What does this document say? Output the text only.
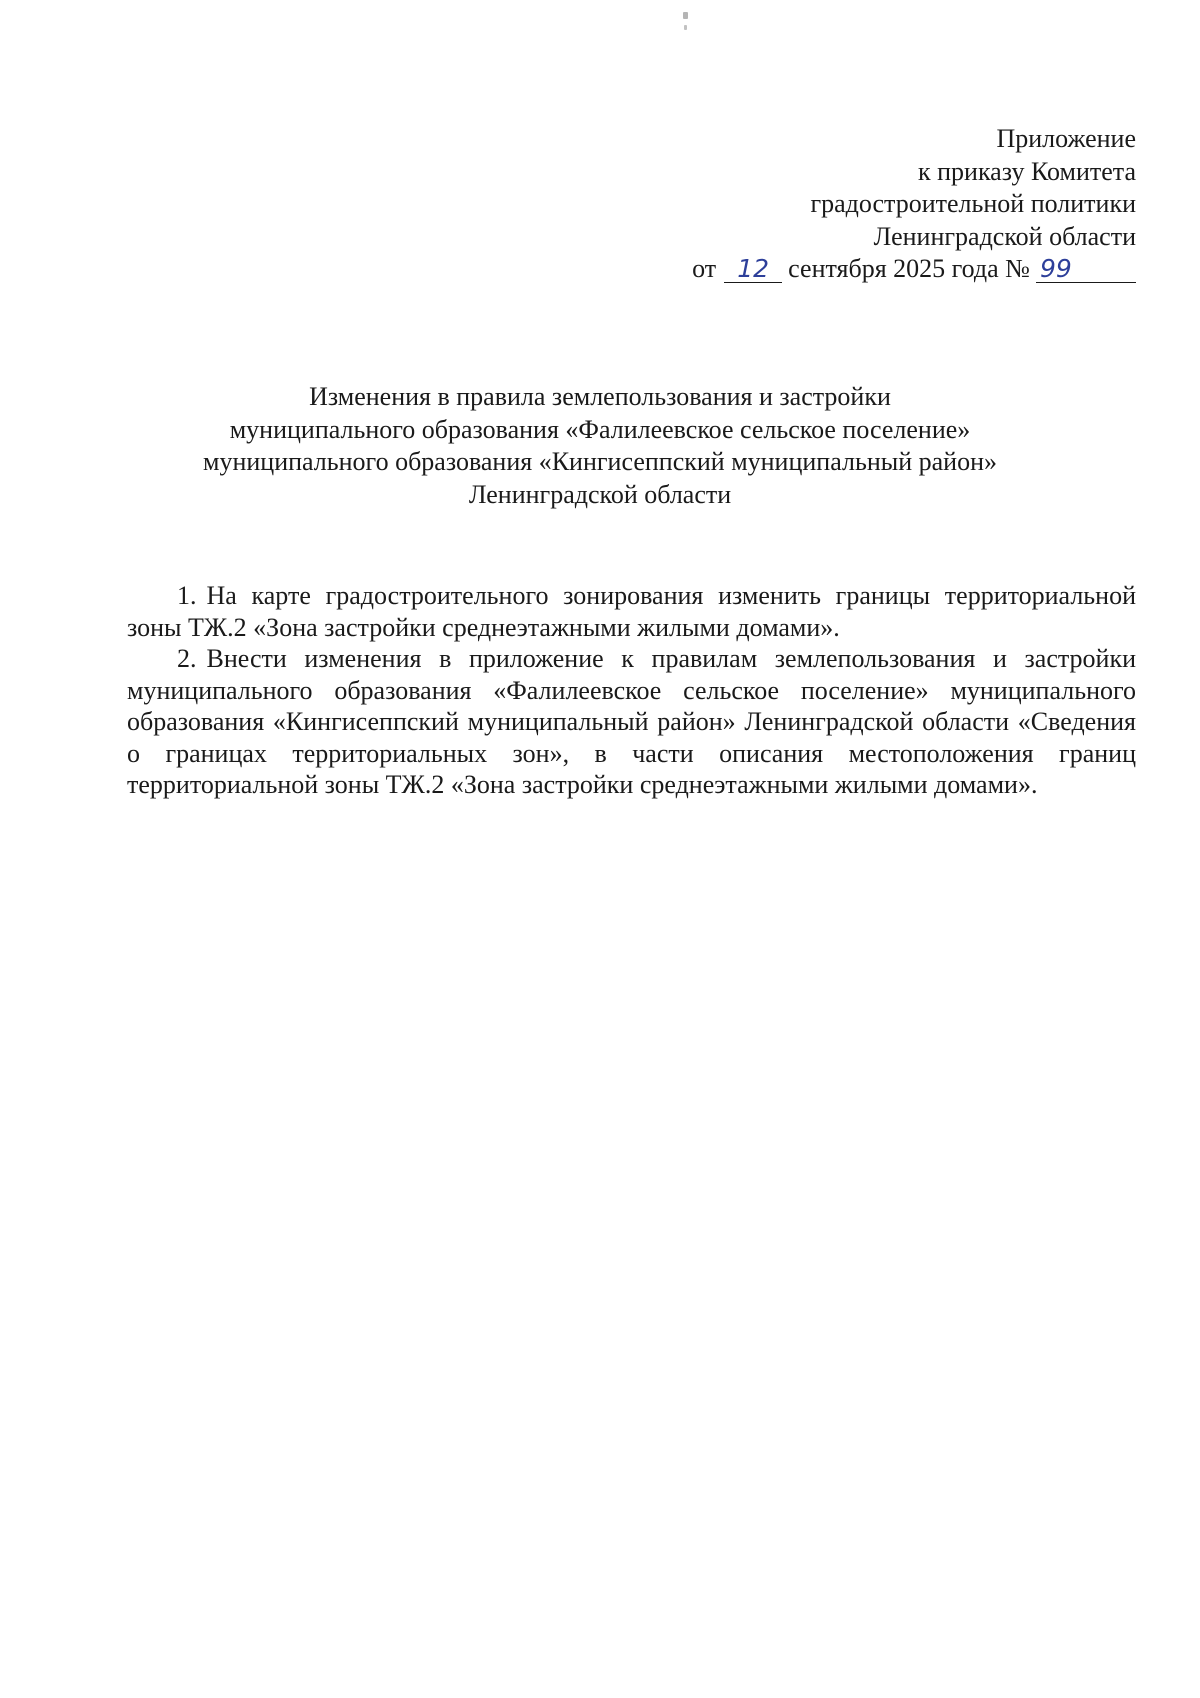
Приложение
к приказу Комитета
градостроительной политики
Ленинградской области
от 12 сентября 2025 года № 99
Изменения в правила землепользования и застройки
муниципального образования «Фалилеевское сельское поселение»
муниципального образования «Кингисеппский муниципальный район»
Ленинградской области

1. На карте градостроительного зонирования изменить границы территориальной зоны ТЖ.2 «Зона застройки среднеэтажными жилыми домами».

2. Внести изменения в приложение к правилам землепользования и застройки муниципального образования «Фалилеевское сельское поселение» муниципального образования «Кингисеппский муниципальный район» Ленинградской области «Сведения о границах территориальных зон», в части описания местоположения границ территориальной зоны ТЖ.2 «Зона застройки среднеэтажными жилыми домами».
